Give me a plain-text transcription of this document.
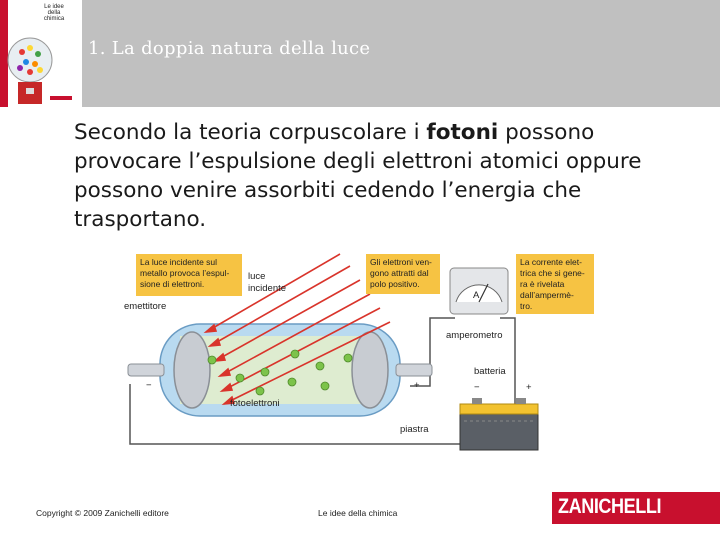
Le idee
della
chimica
1. La doppia natura della luce
Secondo la teoria corpuscolare i fotoni possono provocare l’espulsione degli elettroni atomici oppure possono venire assorbiti cedendo l’energia che trasportano.
A
La luce incidente sul metallo provoca l’espul- sione di elettroni.
Gli elettroni ven- gono attratti dal polo positivo.
La corrente elet- trica che si gene- ra è rivelata dall’ampermè- tro.
luce incidente
emettitore
amperometro
batteria
fotoelettroni
piastra
−	+	−	+
Copyright © 2009 Zanichelli editore	Le idee della chimica	ZANICHELLI
